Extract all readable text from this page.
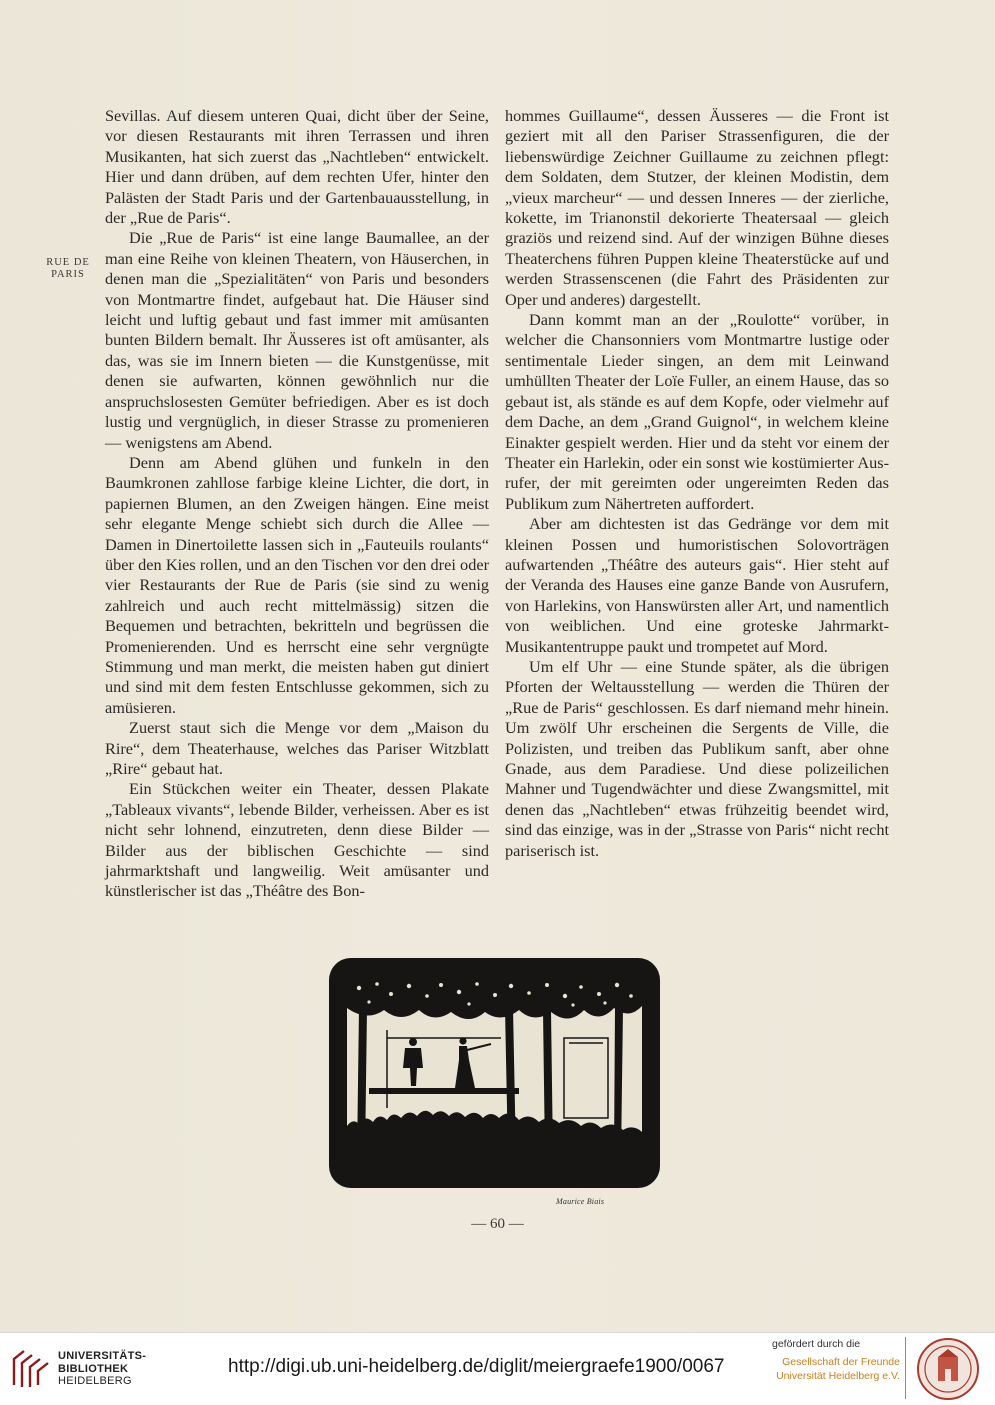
RUE DE
PARIS

Sevillas. Auf diesem unteren Quai, dicht über der Seine, vor diesen Restaurants mit ihren Terrassen und ihren Musikanten, hat sich zuerst das „Nachtleben“ entwickelt. Hier und dann drüben, auf dem rechten Ufer, hinter den Palästen der Stadt Paris und der Gartenbauausstellung, in der „Rue de Paris“.

Die „Rue de Paris“ ist eine lange Baumallee, an der man eine Reihe von kleinen Theatern, von Häuserchen, in denen man die „Spezialitäten“ von Paris und besonders von Montmartre findet, aufgebaut hat. Die Häuser sind leicht und luftig gebaut und fast immer mit amüsanten bunten Bildern bemalt. Ihr Äusseres ist oft amüsanter, als das, was sie im Innern bieten — die Kunstgenüsse, mit denen sie aufwarten, können gewöhnlich nur die anspruchslosesten Gemüter befriedigen. Aber es ist doch lustig und vergnüglich, in dieser Strasse zu promenieren — wenigstens am Abend.

Denn am Abend glühen und funkeln in den Baumkronen zahllose farbige kleine Lichter, die dort, in papiernen Blumen, an den Zweigen hängen. Eine meist sehr elegante Menge schiebt sich durch die Allee — Damen in Dinertoilette lassen sich in „Fauteuils roulants“ über den Kies rollen, und an den Tischen vor den drei oder vier Restaurants der Rue de Paris (sie sind zu wenig zahlreich und auch recht mittelmässig) sitzen die Bequemen und betrachten, bekritteln und begrüssen die Promenierenden. Und es herrscht eine sehr vergnügte Stimmung und man merkt, die meisten haben gut diniert und sind mit dem festen Entschlusse gekommen, sich zu amüsieren.

Zuerst staut sich die Menge vor dem „Maison du Rire“, dem Theaterhause, welches das Pariser Witzblatt „Rire“ gebaut hat.

Ein Stückchen weiter ein Theater, dessen Plakate „Tableaux vivants“, lebende Bilder, verheissen. Aber es ist nicht sehr lohnend, einzutreten, denn diese Bilder — Bilder aus der biblischen Geschichte — sind jahrmarktshaft und langweilig. Weit amüsanter und künstlerischer ist das „Théâtre des Bon-

hommes Guillaume“, dessen Äusseres — die Front ist geziert mit all den Pariser Strassenfiguren, die der liebenswürdige Zeichner Guillaume zu zeichnen pflegt: dem Soldaten, dem Stutzer, der kleinen Modistin, dem „vieux marcheur“ — und dessen Inneres — der zierliche, kokette, im Trianonstil dekorierte Theatersaal — gleich graziös und reizend sind. Auf der winzigen Bühne dieses Theaterchens führen Puppen kleine Theaterstücke auf und werden Strassenscenen (die Fahrt des Präsidenten zur Oper und anderes) dargestellt.

Dann kommt man an der „Roulotte“ vorüber, in welcher die Chansonniers vom Montmartre lustige oder sentimentale Lieder singen, an dem mit Leinwand umhüllten Theater der Loïe Fuller, an einem Hause, das so gebaut ist, als stände es auf dem Kopfe, oder vielmehr auf dem Dache, an dem „Grand Guignol“, in welchem kleine Einakter gespielt werden. Hier und da steht vor einem der Theater ein Harlekin, oder ein sonst wie kostümierter Ausrufer, der mit gereimten oder ungereimten Reden das Publikum zum Nähertreten auffordert.

Aber am dichtesten ist das Gedränge vor dem mit kleinen Possen und humoristischen Solovorträgen aufwartenden „Théâtre des auteurs gais“. Hier steht auf der Veranda des Hauses eine ganze Bande von Ausrufern, von Harlekins, von Hanswürsten aller Art, und namentlich von weiblichen. Und eine groteske Jahrmarkt-Musikantentruppe paukt und trompetet auf Mord.

Um elf Uhr — eine Stunde später, als die übrigen Pforten der Weltausstellung — werden die Thüren der „Rue de Paris“ geschlossen. Es darf niemand mehr hinein. Um zwölf Uhr erscheinen die Sergents de Ville, die Polizisten, und treiben das Publikum sanft, aber ohne Gnade, aus dem Paradiese. Und diese polizeilichen Mahner und Tugendwächter und diese Zwangsmittel, mit denen das „Nachtleben“ etwas frühzeitig beendet wird, sind das einzige, was in der „Strasse von Paris“ nicht recht pariserisch ist.

Maurice Biais
— 60 —
UNIVERSITÄTS-
BIBLIOTHEK
HEIDELBERG
http://digi.ub.uni-heidelberg.de/diglit/meiergraefe1900/0067
gefördert durch die
Gesellschaft der Freunde
Universität Heidelberg e.V.
